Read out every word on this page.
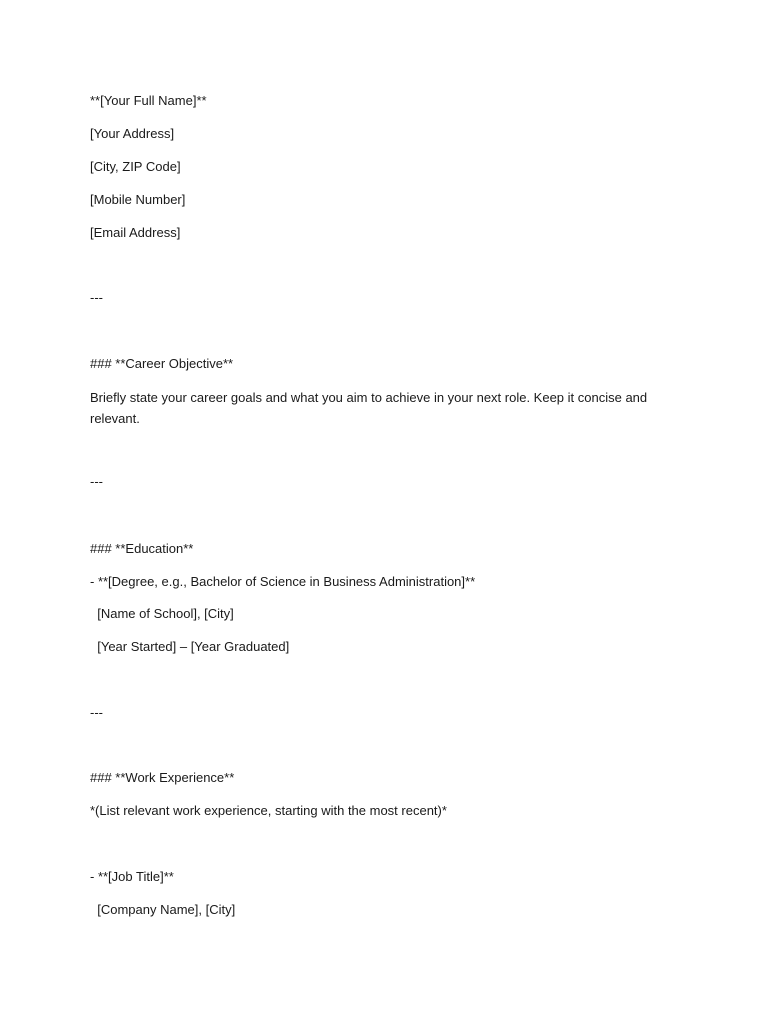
**[Your Full Name]**

[Your Address]

[City, ZIP Code]

[Mobile Number]

[Email Address]

---

### **Career Objective**

Briefly state your career goals and what you aim to achieve in your next role. Keep it concise and relevant.

---

### **Education**

- **[Degree, e.g., Bachelor of Science in Business Administration]**

[Name of School], [City]

[Year Started] – [Year Graduated]

---

### **Work Experience**

*(List relevant work experience, starting with the most recent)*

- **[Job Title]**

[Company Name], [City]
